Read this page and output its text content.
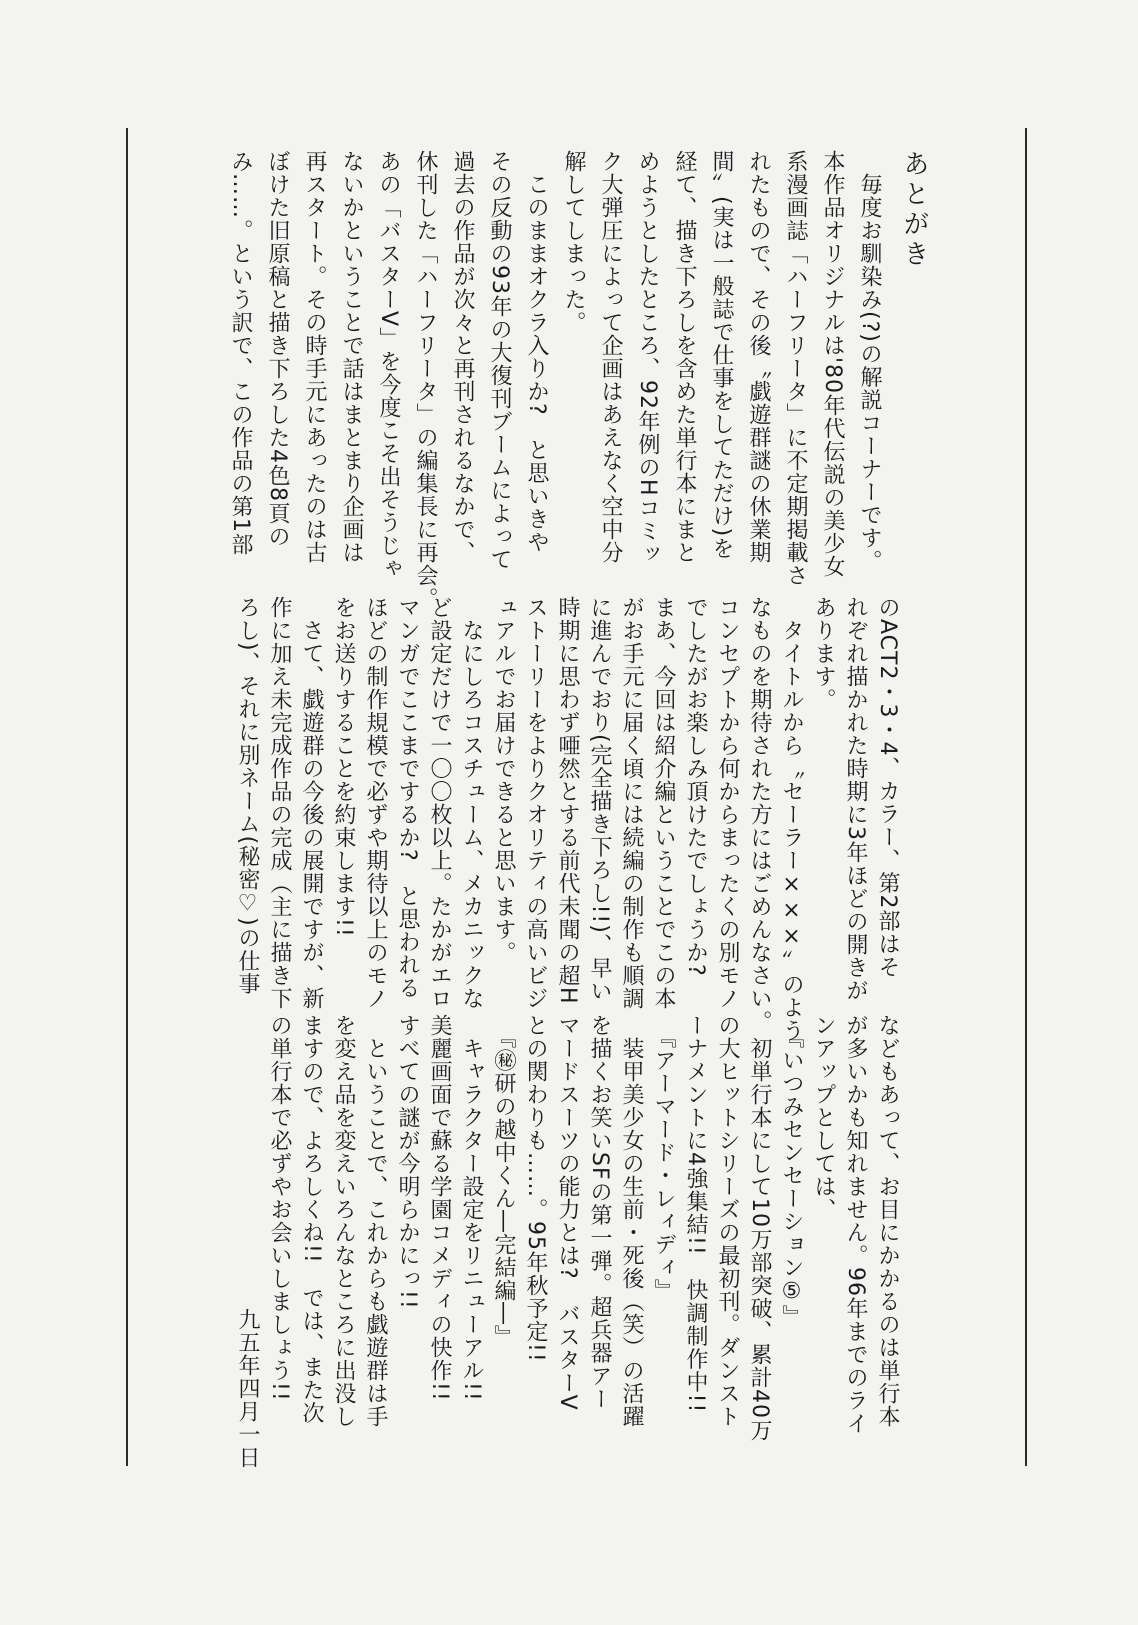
あとがき

　毎度お馴染み(?)の解説コーナーです。

本作品オリジナルは'80年代伝説の美少女

系漫画誌「ハーフリータ」に不定期掲載さ

れたもので、その後〝戯遊群謎の休業期

間〟(実は一般誌で仕事をしてただけ)を

経て、描き下ろしを含めた単行本にまと

めようとしたところ、92年例のHコミッ

ク大弾圧によって企画はあえなく空中分

解してしまった。

　このままオクラ入りか?　と思いきや

その反動の93年の大復刊ブームによって

過去の作品が次々と再刊されるなかで、

休刊した「ハーフリータ」の編集長に再会。

あの「バスターV」を今度こそ出そうじゃ

ないかということで話はまとまり企画は

再スタート。その時手元にあったのは古

ぼけた旧原稿と描き下ろした4色8頁の

み……。という訳で、この作品の第1部

のACT2・3・4、カラー、第2部はそ

れぞれ描かれた時期に3年ほどの開きが

あります。

　タイトルから〝セーラー×××〟のよう

なものを期待された方にはごめんなさい。

コンセプトから何からまったくの別モノ

でしたがお楽しみ頂けたでしょうか?

まあ、今回は紹介編ということでこの本

がお手元に届く頃には続編の制作も順調

に進んでおり(完全描き下ろし!!)、早い

時期に思わず唖然とする前代未聞の超H

ストーリーをよりクオリティの高いビジ

ュアルでお届けできると思います。

　なにしろコスチューム、メカニックな

ど設定だけで一〇〇枚以上。たかがエロ

マンガでここまでするか?　と思われる

ほどの制作規模で必ずや期待以上のモノ

をお送りすることを約束します!!

　さて、戯遊群の今後の展開ですが、新

作に加え未完成作品の完成（主に描き下

ろし)、それに別ネーム(秘密♡)の仕事

などもあって、お目にかかるのは単行本

が多いかも知れません。96年までのライ

ンアップとしては、

　『いつみセンセーション⑤』

　初単行本にして10万部突破、累計40万

の大ヒットシリーズの最初刊。ダンスト

ーナメントに4強集結!!　快調制作中!!

　『アーマード・レィディ』

　装甲美少女の生前・死後（笑）の活躍

を描くお笑いSFの第一弾。超兵器アー

マードスーツの能力とは?　バスターV

との関わりも……。95年秋予定!!

　『㊙研の越中くん―完結編―』

　キャラクター設定をリニューアル!!

美麗画面で蘇る学園コメディの快作!!

すべての謎が今明らかにっ!!

　ということで、これからも戯遊群は手

を変え品を変えいろんなところに出没し

ますので、よろしくね!!　では、また次

の単行本で必ずやお会いしましょう!!

九五年四月一日
